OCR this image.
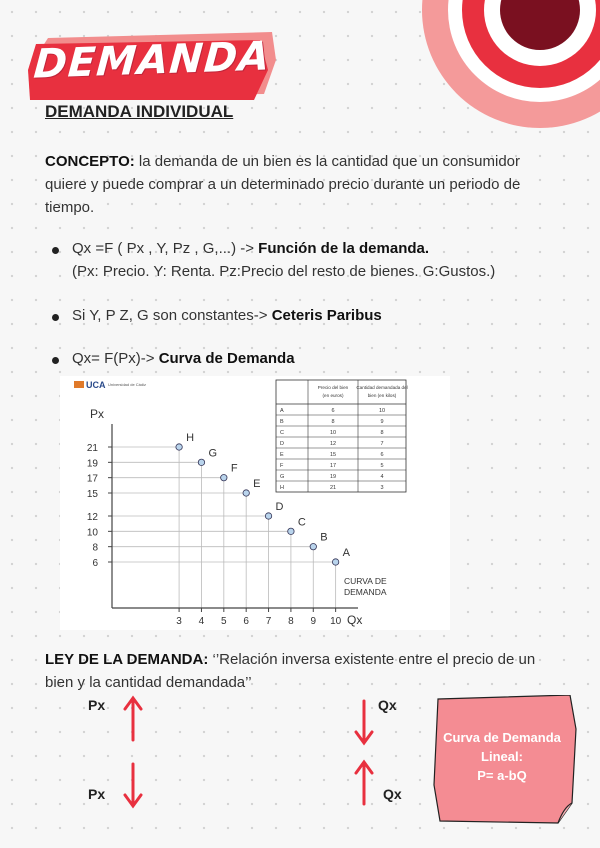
DEMANDA
DEMANDA INDIVIDUAL
CONCEPTO: la demanda de un bien es la cantidad que un consumidor quiere y puede comprar a un determinado precio durante un periodo de tiempo.
Qx =F ( Px , Y, Pz , G,...) -> Función de la demanda.
(Px: Precio. Y: Renta. Pz:Precio del resto de bienes. G:Gustos.)
Si Y, P Z, G son constantes-> Ceteris Paribus
Qx= F(Px)-> Curva de Demanda
UCA Universidad de Cádiz
Px
Qx
CURVA DE
DEMANDA
3 4 5 6 7 8 9 10
6
8
10
12
15
17
19
21
A
B
C
D
E
F
G
H
Precio del bien
(en euros)
Cantidad demandada del
bien (en kilos)
A	6	10
B	8	9
C	10	8
D	12	7
E	15	6
F	17	5
G	19	4
H	21	3
LEY DE LA DEMANDA: ‘’Relación inversa existente entre el precio de un bien y la cantidad demandada’’
Px
Px
Qx
Qx
Curva de Demanda
Lineal:
P= a-bQ
